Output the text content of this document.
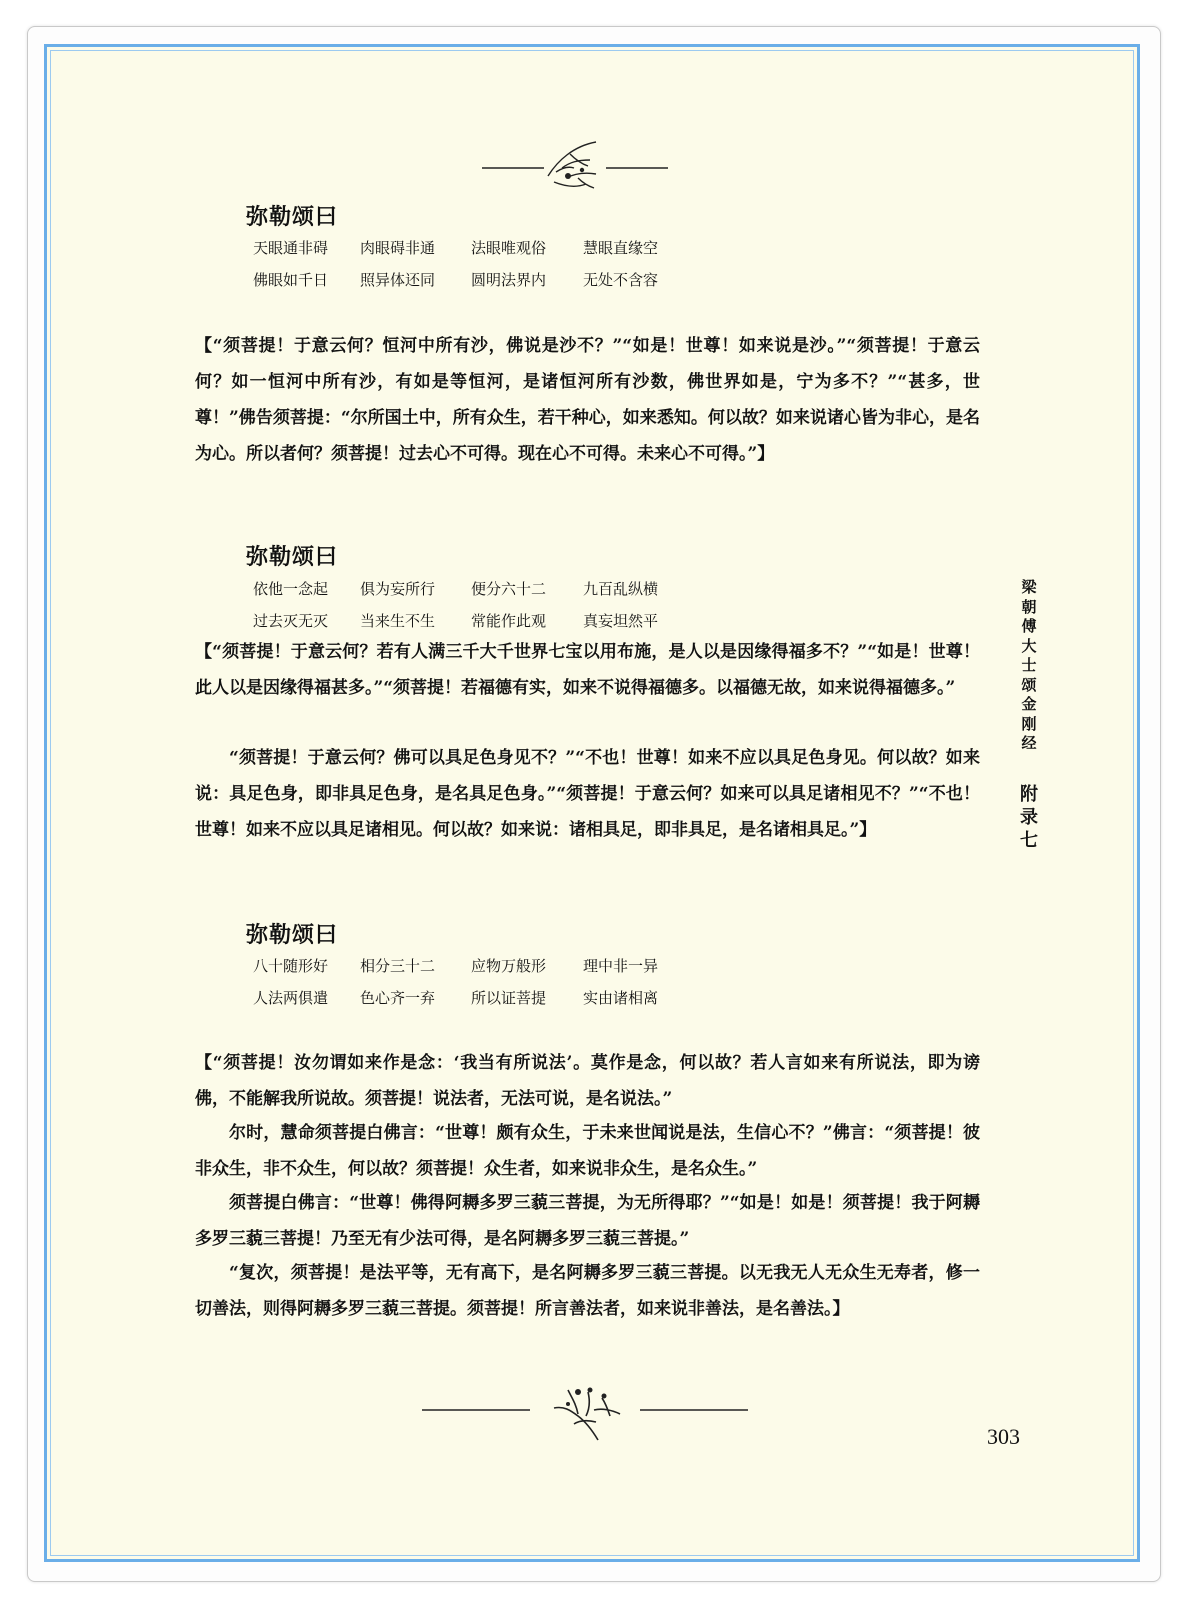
弥勒颂曰
天眼通非碍 肉眼碍非通 法眼唯观俗 慧眼直缘空
佛眼如千日 照异体还同 圆明法界内 无处不含容
【“须菩提！于意云何？恒河中所有沙，佛说是沙不？”“如是！世尊！如来说是沙。”“须菩提！于意云何？如一恒河中所有沙，有如是等恒河，是诸恒河所有沙数，佛世界如是，宁为多不？”“甚多，世尊！”佛告须菩提：“尔所国土中，所有众生，若干种心，如来悉知。何以故？如来说诸心皆为非心，是名为心。所以者何？须菩提！过去心不可得。现在心不可得。未来心不可得。”】
弥勒颂曰
依他一念起 俱为妄所行 便分六十二 九百乱纵横
过去灭无灭 当来生不生 常能作此观 真妄坦然平
【“须菩提！于意云何？若有人满三千大千世界七宝以用布施，是人以是因缘得福多不？”“如是！世尊！此人以是因缘得福甚多。”“须菩提！若福德有实，如来不说得福德多。以福德无故，如来说得福德多。”
“须菩提！于意云何？佛可以具足色身见不？”“不也！世尊！如来不应以具足色身见。何以故？如来说：具足色身，即非具足色身，是名具足色身。”“须菩提！于意云何？如来可以具足诸相见不？”“不也！世尊！如来不应以具足诸相见。何以故？如来说：诸相具足，即非具足，是名诸相具足。”】
弥勒颂曰
八十随形好 相分三十二 应物万般形 理中非一异
人法两俱遣 色心齐一弃 所以证菩提 实由诸相离
【“须菩提！汝勿谓如来作是念：‘我当有所说法’。莫作是念，何以故？若人言如来有所说法，即为谤佛，不能解我所说故。须菩提！说法者，无法可说，是名说法。”
尔时，慧命须菩提白佛言：“世尊！颇有众生，于未来世闻说是法，生信心不？”佛言：“须菩提！彼非众生，非不众生，何以故？须菩提！众生者，如来说非众生，是名众生。”
须菩提白佛言：“世尊！佛得阿耨多罗三藐三菩提，为无所得耶？”“如是！如是！须菩提！我于阿耨多罗三藐三菩提！乃至无有少法可得，是名阿耨多罗三藐三菩提。”
“复次，须菩提！是法平等，无有高下，是名阿耨多罗三藐三菩提。以无我无人无众生无寿者，修一切善法，则得阿耨多罗三藐三菩提。须菩提！所言善法者，如来说非善法，是名善法。】
梁朝傅大士颂金刚经
附录七
303
